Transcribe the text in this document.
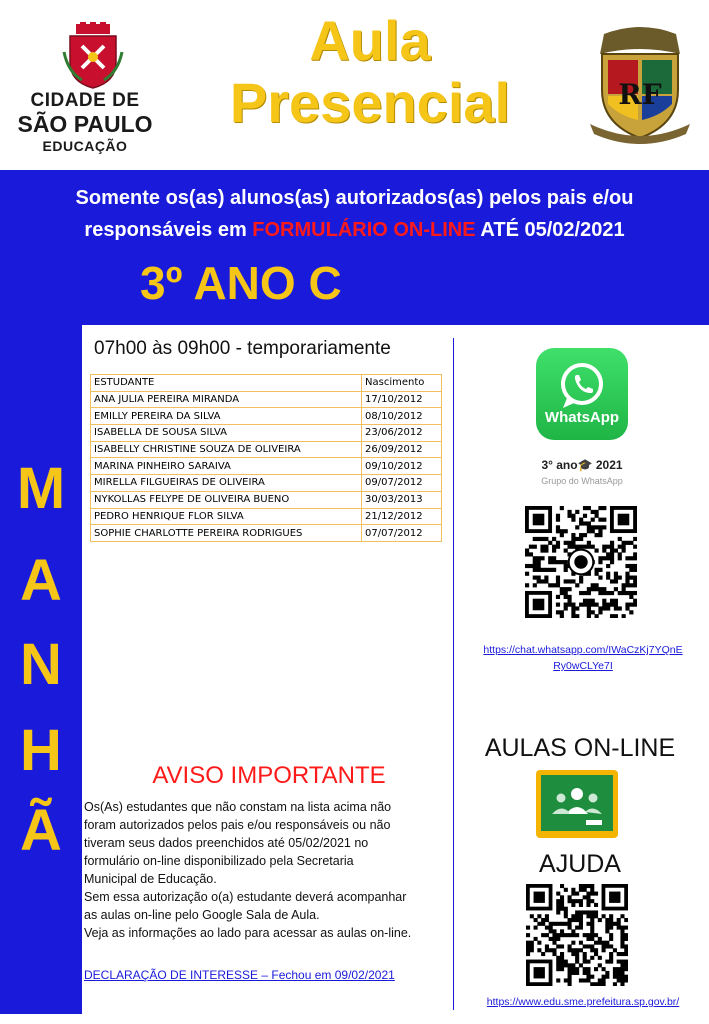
CIDADE DE
SÃO PAULO
EDUCAÇÃO
Aula
Presencial	RF
Somente os(as) alunos(as) autorizados(as) pelos pais e/ou
responsáveis em FORMULÁRIO ON-LINE ATÉ 05/02/2021
3º ANO C
M
A
N
H
Ã
07h00 às 09h00 - temporariamente
ESTUDANTE	Nascimento
ANA JULIA PEREIRA MIRANDA	17/10/2012
EMILLY PEREIRA DA SILVA	08/10/2012
ISABELLA DE SOUSA SILVA	23/06/2012
ISABELLY CHRISTINE SOUZA DE OLIVEIRA	26/09/2012
MARINA PINHEIRO SARAIVA	09/10/2012
MIRELLA FILGUEIRAS DE OLIVEIRA	09/07/2012
NYKOLLAS FELYPE DE OLIVEIRA BUENO	30/03/2013
PEDRO HENRIQUE FLOR SILVA	21/12/2012
SOPHIE CHARLOTTE PEREIRA RODRIGUES	07/07/2012
AVISO IMPORTANTE
Os(As) estudantes que não constam na lista acima não
foram autorizados pelos pais e/ou responsáveis ou não
tiveram seus dados preenchidos até 05/02/2021 no
formulário on-line disponibilizado pela Secretaria
Municipal de Educação.
Sem essa autorização o(a) estudante deverá acompanhar
as aulas on-line pelo Google Sala de Aula.
Veja as informações ao lado para acessar as aulas on-line.
DECLARAÇÃO DE INTERESSE – Fechou em 09/02/2021
WhatsApp
3° ano🎓 2021
Grupo do WhatsApp
https://chat.whatsapp.com/IWaCzKj7YQnE
Ry0wCLYe7I
AULAS ON-LINE
AJUDA
https://www.edu.sme.prefeitura.sp.gov.br/
